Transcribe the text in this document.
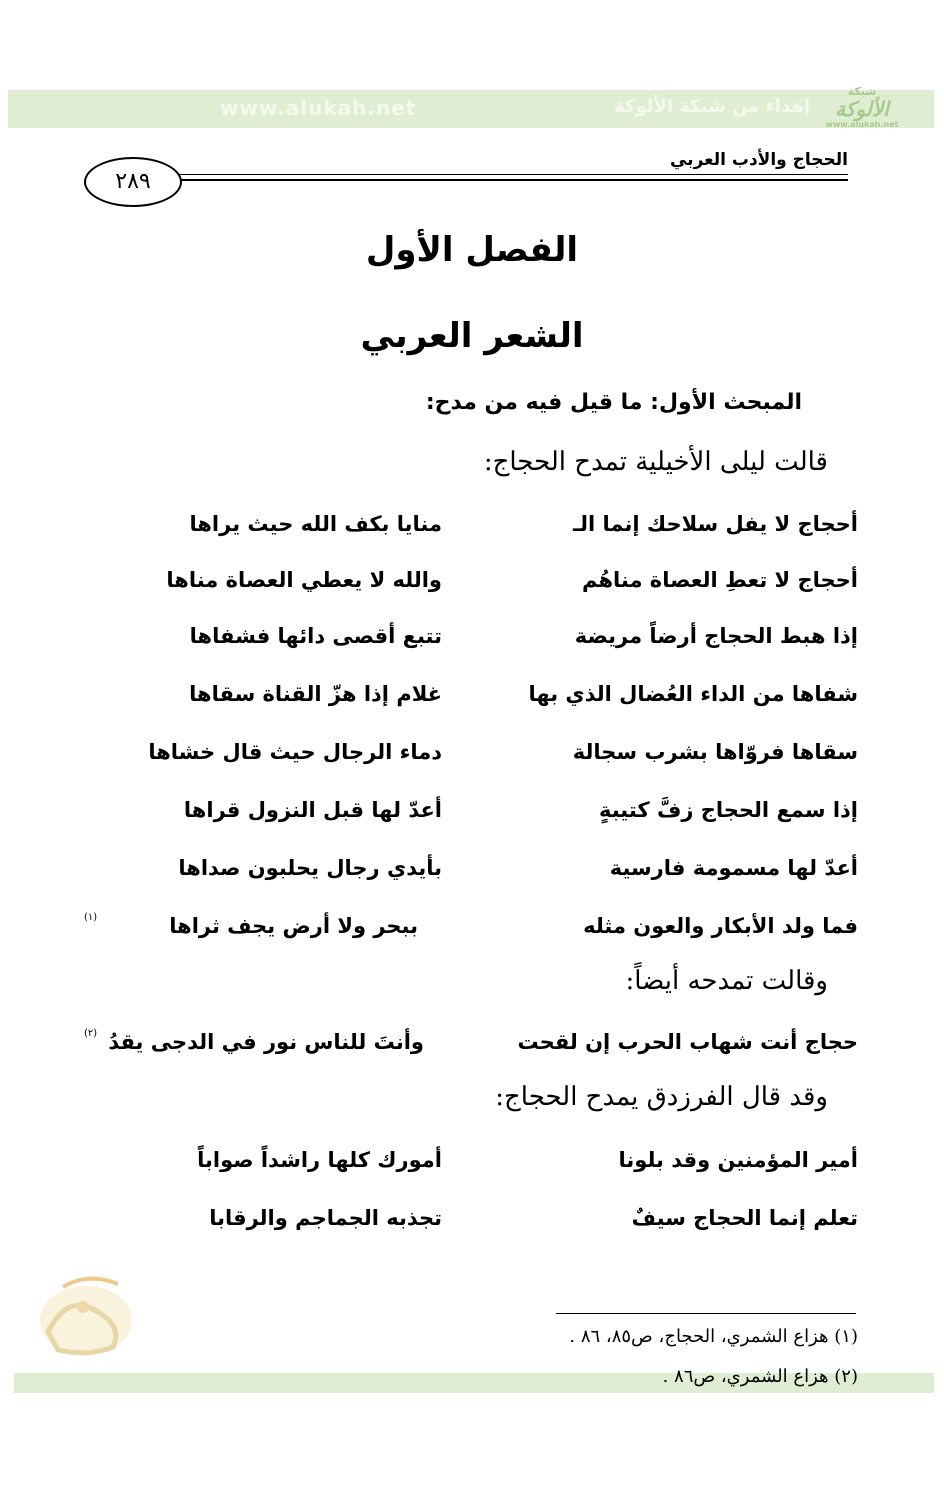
www.alukah.net	إهداء من شبكة الألوكة
شبكة
الألوكة
www.alukah.net
الحجاج والأدب العربي
٢٨٩
الفصل الأول
الشعر العربي
المبحث الأول: ما قيل فيه من مدح:
قالت ليلى الأخيلية تمدح الحجاج:
أحجاج لا يفل سلاحك إنما الـ
منايا بكف الله حيث يراها
أحجاج لا تعطِ العصاة مناهُم
والله لا يعطي العصاة مناها
إذا هبط الحجاج أرضاً مريضة
تتبع أقصى دائها فشفاها
شفاها من الداء العُضال الذي بها
غلام إذا هزّ القناة سقاها
سقاها فروّاها بشرب سجالة
دماء الرجال حيث قال خشاها
إذا سمع الحجاج زفَّ كتيبةٍ
أعدّ لها قبل النزول قراها
أعدّ لها مسمومة فارسية
بأيدي رجال يحلبون صداها
فما ولد الأبكار والعون مثله
ببحر ولا أرض يجف ثراها
(١)
وقالت تمدحه أيضاً:
حجاج أنت شهاب الحرب إن لقحت
وأنتَ للناس نور في الدجى يقدُ
(٢)
وقد قال الفرزدق يمدح الحجاج:
أمير المؤمنين وقد بلونا
أمورك كلها راشداً صواباً
تعلم إنما الحجاج سيفٌ
تجذبه الجماجم والرقابا
(١) هزاع الشمري، الحجاج، ص٨٥، ٨٦ .
(٢) هزاع الشمري، ص٨٦ .
